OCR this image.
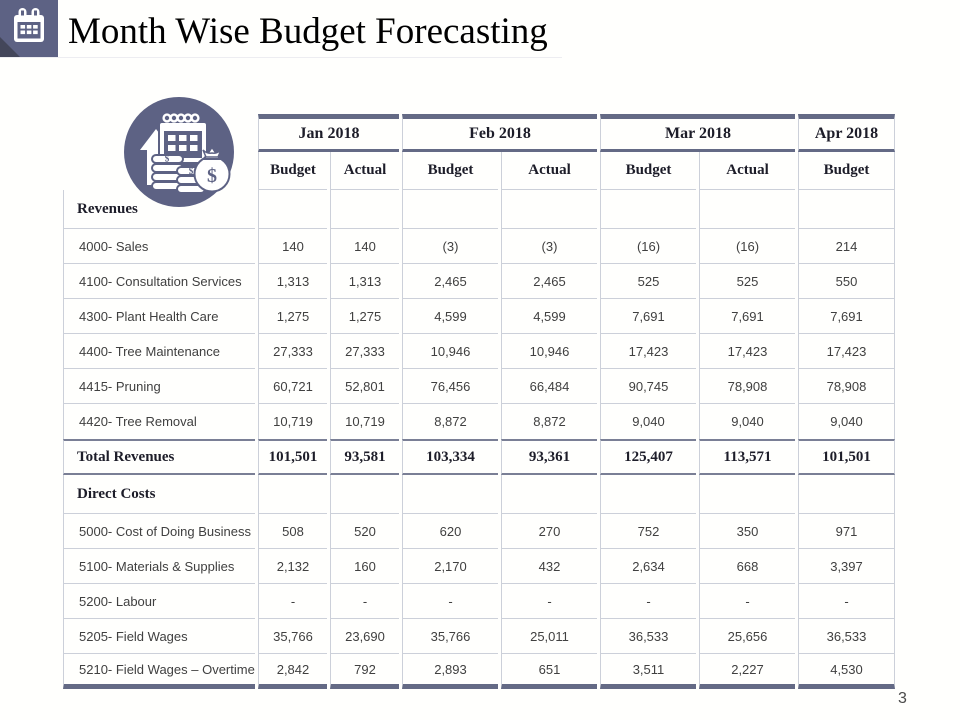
Month Wise Budget Forecasting
$
$ $
	Jan 2018		Feb 2018		Mar 2018		Apr 2018
	Budget	Actual	Budget	Actual	Budget	Actual	Budget
Revenues							
4000- Sales	140	140	(3)	(3)	(16)	(16)	214
4100- Consultation Services	1,313	1,313	2,465	2,465	525	525	550
4300- Plant Health Care	1,275	1,275	4,599	4,599	7,691	7,691	7,691
4400- Tree Maintenance	27,333	27,333	10,946	10,946	17,423	17,423	17,423
4415- Pruning	60,721	52,801	76,456	66,484	90,745	78,908	78,908
4420- Tree Removal	10,719	10,719	8,872	8,872	9,040	9,040	9,040
Total Revenues	101,501	93,581	103,334	93,361	125,407	113,571	101,501
Direct Costs							
5000- Cost of Doing Business	508	520	620	270	752	350	971
5100- Materials & Supplies	2,132	160	2,170	432	2,634	668	3,397
5200- Labour	-	-	-	-	-	-	-
5205- Field Wages	35,766	23,690	35,766	25,011	36,533	25,656	36,533
5210- Field Wages – Overtime	2,842	792	2,893	651	3,511	2,227	4,530
3
